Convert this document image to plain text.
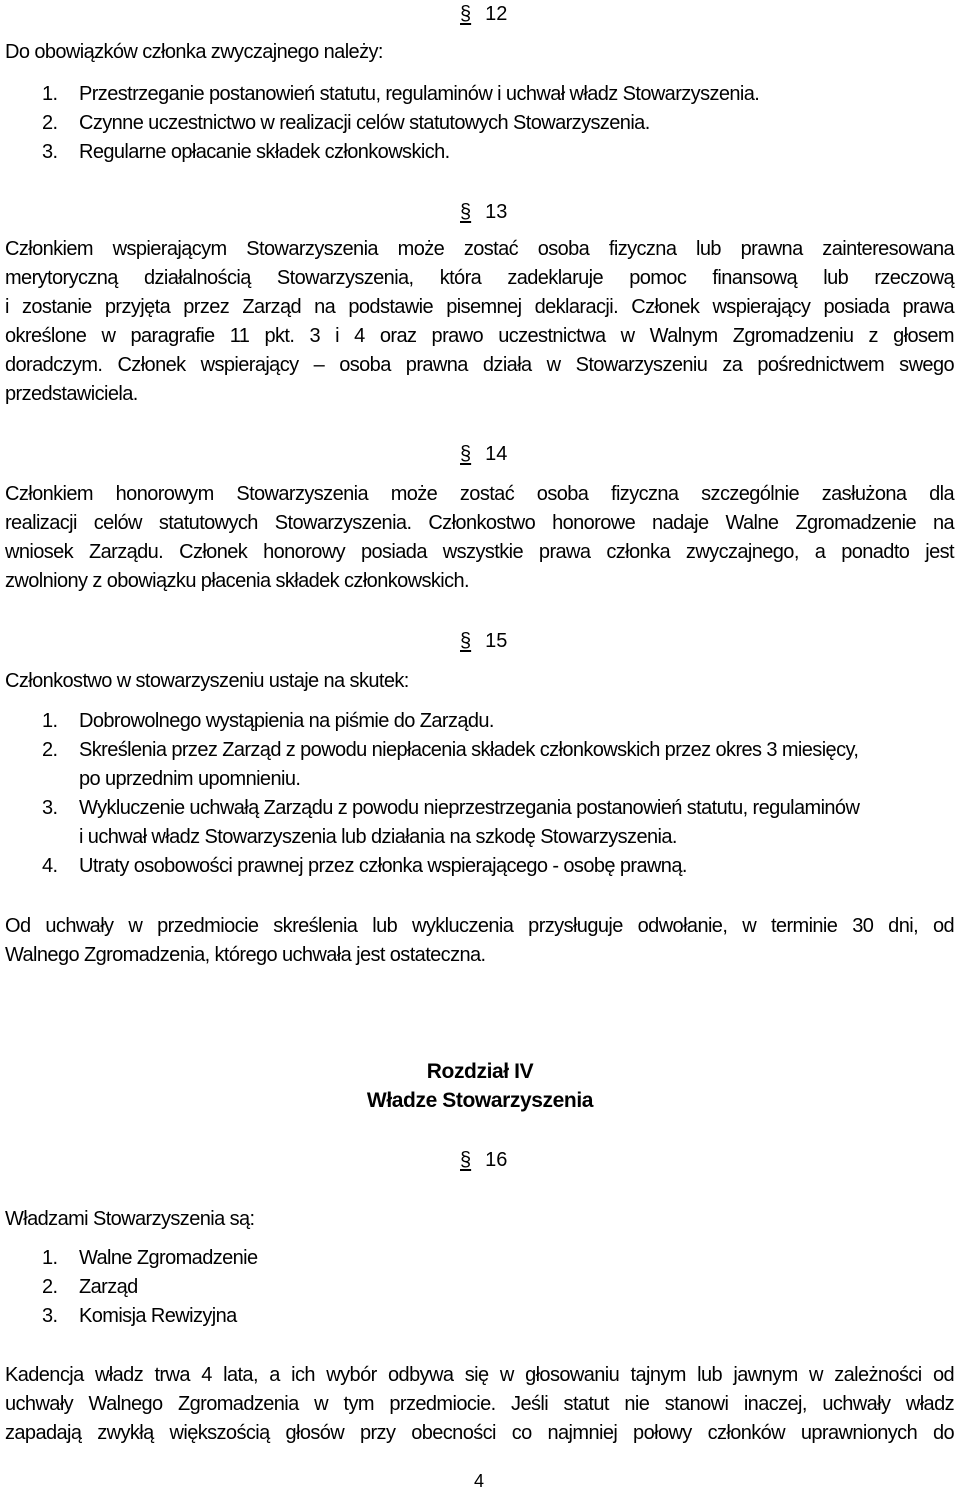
§ 12
Do obowiązków członka zwyczajnego należy:
1. Przestrzeganie postanowień statutu, regulaminów i uchwał władz Stowarzyszenia.
2. Czynne uczestnictwo w realizacji celów statutowych Stowarzyszenia.
3. Regularne opłacanie składek członkowskich.
§ 13
Członkiem wspierającym Stowarzyszenia może zostać osoba fizyczna lub prawna zainteresowana
merytoryczną działalnością Stowarzyszenia, która zadeklaruje pomoc finansową lub rzeczową
i zostanie przyjęta przez Zarząd na podstawie pisemnej deklaracji. Członek wspierający posiada prawa
określone w paragrafie 11 pkt. 3 i 4 oraz prawo uczestnictwa w Walnym Zgromadzeniu z głosem
doradczym. Członek wspierający – osoba prawna działa w Stowarzyszeniu za pośrednictwem swego
przedstawiciela.
§ 14
Członkiem honorowym Stowarzyszenia może zostać osoba fizyczna szczególnie zasłużona dla
realizacji celów statutowych Stowarzyszenia. Członkostwo honorowe nadaje Walne Zgromadzenie na
wniosek Zarządu. Członek honorowy posiada wszystkie prawa członka zwyczajnego, a ponadto jest
zwolniony z obowiązku płacenia składek członkowskich.
§ 15
Członkostwo w stowarzyszeniu ustaje na skutek:
1. Dobrowolnego wystąpienia na piśmie do Zarządu.
2. Skreślenia przez Zarząd z powodu niepłacenia składek członkowskich przez okres 3 miesięcy,
po uprzednim upomnieniu.
3. Wykluczenie uchwałą Zarządu z powodu nieprzestrzegania postanowień statutu, regulaminów
i uchwał władz Stowarzyszenia lub działania na szkodę Stowarzyszenia.
4. Utraty osobowości prawnej przez członka wspierającego - osobę prawną.
Od uchwały w przedmiocie skreślenia lub wykluczenia przysługuje odwołanie, w terminie 30 dni, od
Walnego Zgromadzenia, którego uchwała jest ostateczna.
Rozdział IV
Władze Stowarzyszenia
§ 16
Władzami Stowarzyszenia są:
1. Walne Zgromadzenie
2. Zarząd
3. Komisja Rewizyjna
Kadencja władz trwa 4 lata, a ich wybór odbywa się w głosowaniu tajnym lub jawnym w zależności od
uchwały Walnego Zgromadzenia w tym przedmiocie. Jeśli statut nie stanowi inaczej, uchwały władz
zapadają zwykłą większością głosów przy obecności co najmniej połowy członków uprawnionych do
4
